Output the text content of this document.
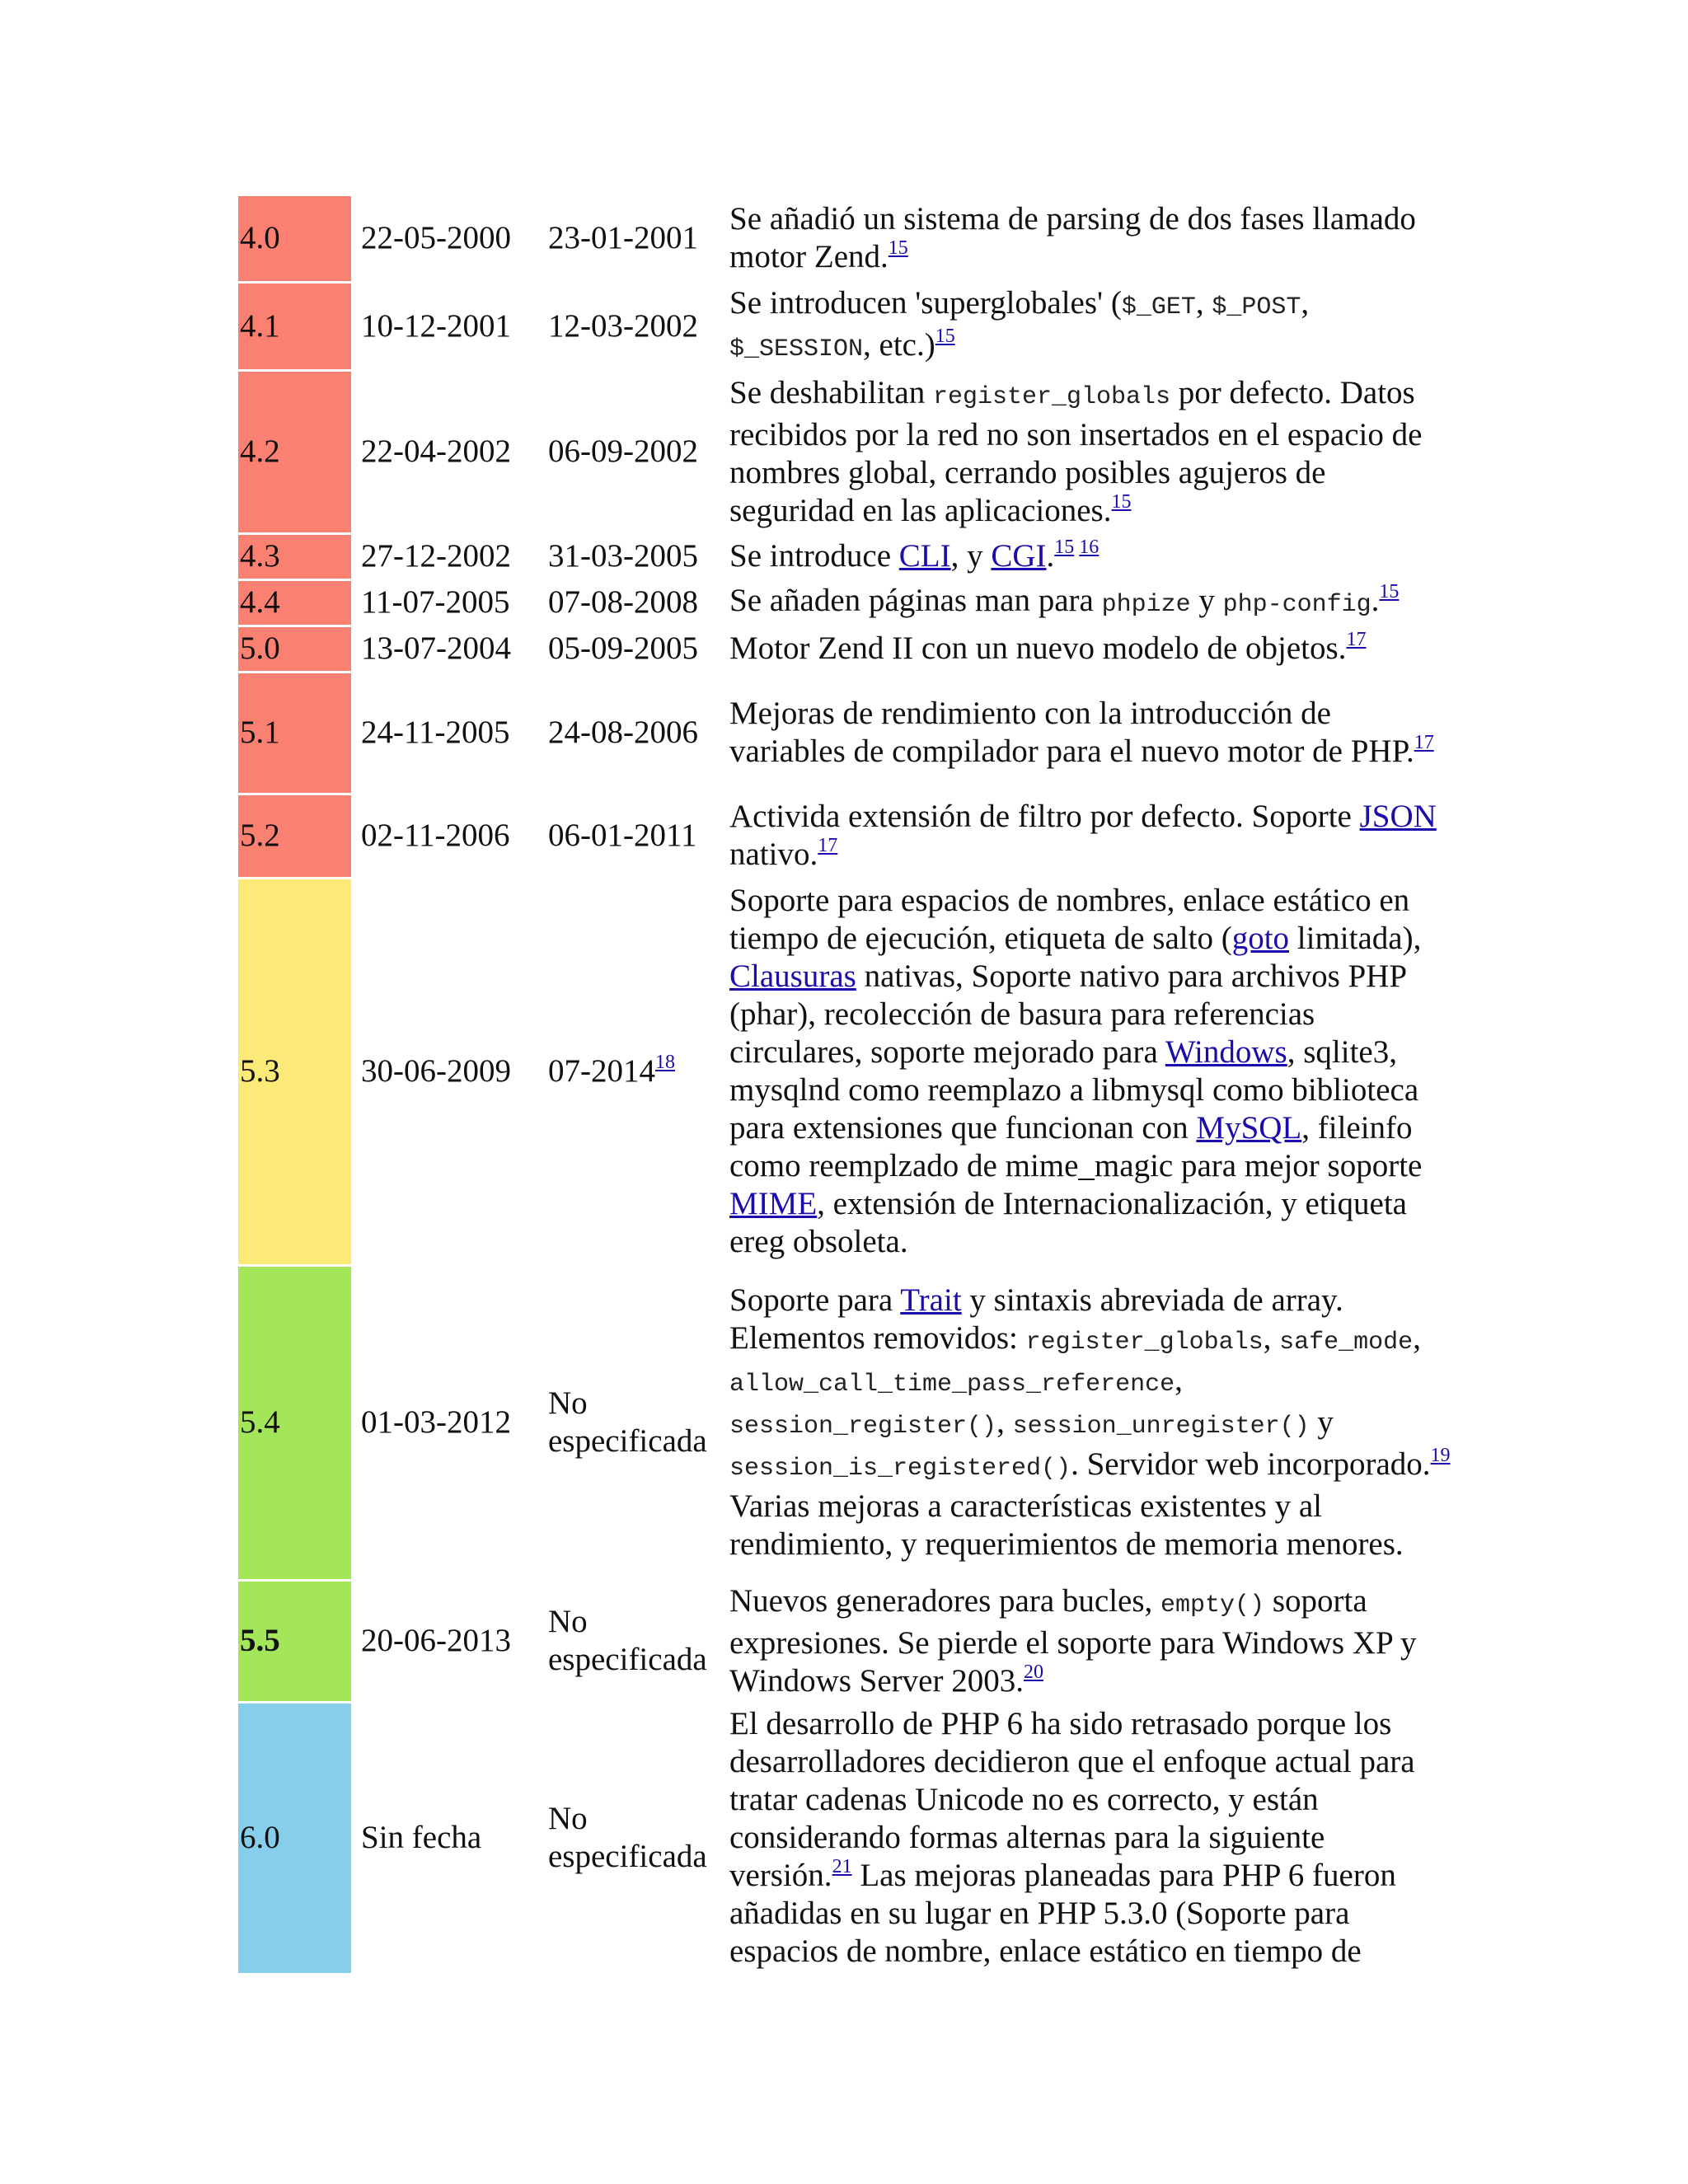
4.0	22-05-2000	23-01-2001	Se añadió un sistema de parsing de dos fases llamado motor Zend.$^{15}$
4.1	10-12-2001	12-03-2002	Se introducen 'superglobales' ($_GET, $_POST, $_SESSION, etc.)$^{15}$
4.2	22-04-2002	06-09-2002	Se deshabilitan register_globals por defecto. Datos recibidos por la red no son insertados en el espacio de nombres global, cerrando posibles agujeros de seguridad en las aplicaciones.$^{15}$
4.3	27-12-2002	31-03-2005	Se introduce CLI, y CGI.$^{15 16}$
4.4	11-07-2005	07-08-2008	Se añaden páginas man para phpize y php-config.$^{15}$
5.0	13-07-2004	05-09-2005	Motor Zend II con un nuevo modelo de objetos.$^{17}$
5.1	24-11-2005	24-08-2006	Mejoras de rendimiento con la introducción de variables de compilador para el nuevo motor de PHP.$^{17}$
5.2	02-11-2006	06-01-2011	Activida extensión de filtro por defecto. Soporte JSON nativo.$^{17}$
5.3	30-06-2009	07-2014$^{18}$	Soporte para espacios de nombres, enlace estático en tiempo de ejecución, etiqueta de salto (goto limitada), Clausuras nativas, Soporte nativo para archivos PHP (phar), recolección de basura para referencias circulares, soporte mejorado para Windows, sqlite3, mysqlnd como reemplazo a libmysql como biblioteca para extensiones que funcionan con MySQL, fileinfo como reemplzado de mime_magic para mejor soporte MIME, extensión de Internacionalización, y etiqueta ereg obsoleta.
5.4	01-03-2012	No especificada	Soporte para Trait y sintaxis abreviada de array. Elementos removidos: register_globals, safe_mode, allow_call_time_pass_reference, session_register(), session_unregister() y session_is_registered(). Servidor web incorporado.$^{19}$ Varias mejoras a características existentes y al rendimiento, y requerimientos de memoria menores.
5.5	20-06-2013	No especificada	Nuevos generadores para bucles, empty() soporta expresiones. Se pierde el soporte para Windows XP y Windows Server 2003.20
6.0	Sin fecha	No especificada	El desarrollo de PHP 6 ha sido retrasado porque los desarrolladores decidieron que el enfoque actual para tratar cadenas Unicode no es correcto, y están considerando formas alternas para la siguiente versión.$^{21}$ Las mejoras planeadas para PHP 6 fueron añadidas en su lugar en PHP 5.3.0 (Soporte para espacios de nombre, enlace estático en tiempo de
